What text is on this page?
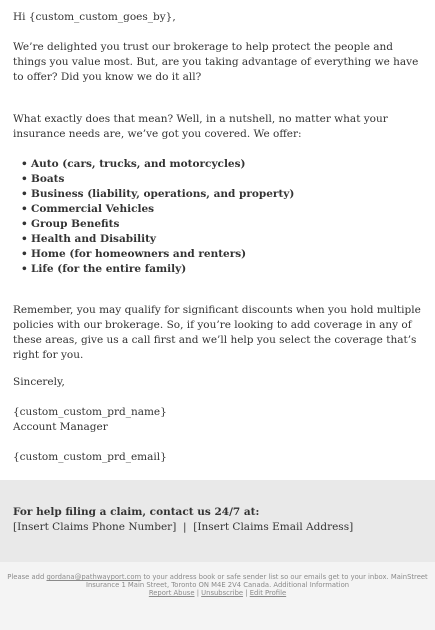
Hi {custom_custom_goes_by},

We’re delighted you trust our brokerage to help protect the people and things you value most. But, are you taking advantage of everything we have to offer? Did you know we do it all?

What exactly does that mean? Well, in a nutshell, no matter what your insurance needs are, we’ve got you covered. We offer:

• Auto (cars, trucks, and motorcycles)
• Boats
• Business (liability, operations, and property)
• Commercial Vehicles
• Group Benefits
• Health and Disability
• Home (for homeowners and renters)
• Life (for the entire family)

Remember, you may qualify for significant discounts when you hold multiple policies with our brokerage. So, if you’re looking to add coverage in any of these areas, give us a call first and we’ll help you select the coverage that’s right for you.

Sincerely,

{custom_custom_prd_name}

Account Manager

{custom_custom_prd_email}

For help filing a claim, contact us 24/7 at:

[Insert Claims Phone Number] | [Insert Claims Email Address]

Please add gordana@pathwayport.com to your address book or safe sender list so our emails get to your inbox. MainStreet Insurance 1 Main Street, Toronto ON M4E 2V4 Canada. Additional Information
Report Abuse | Unsubscribe | Edit Profile
